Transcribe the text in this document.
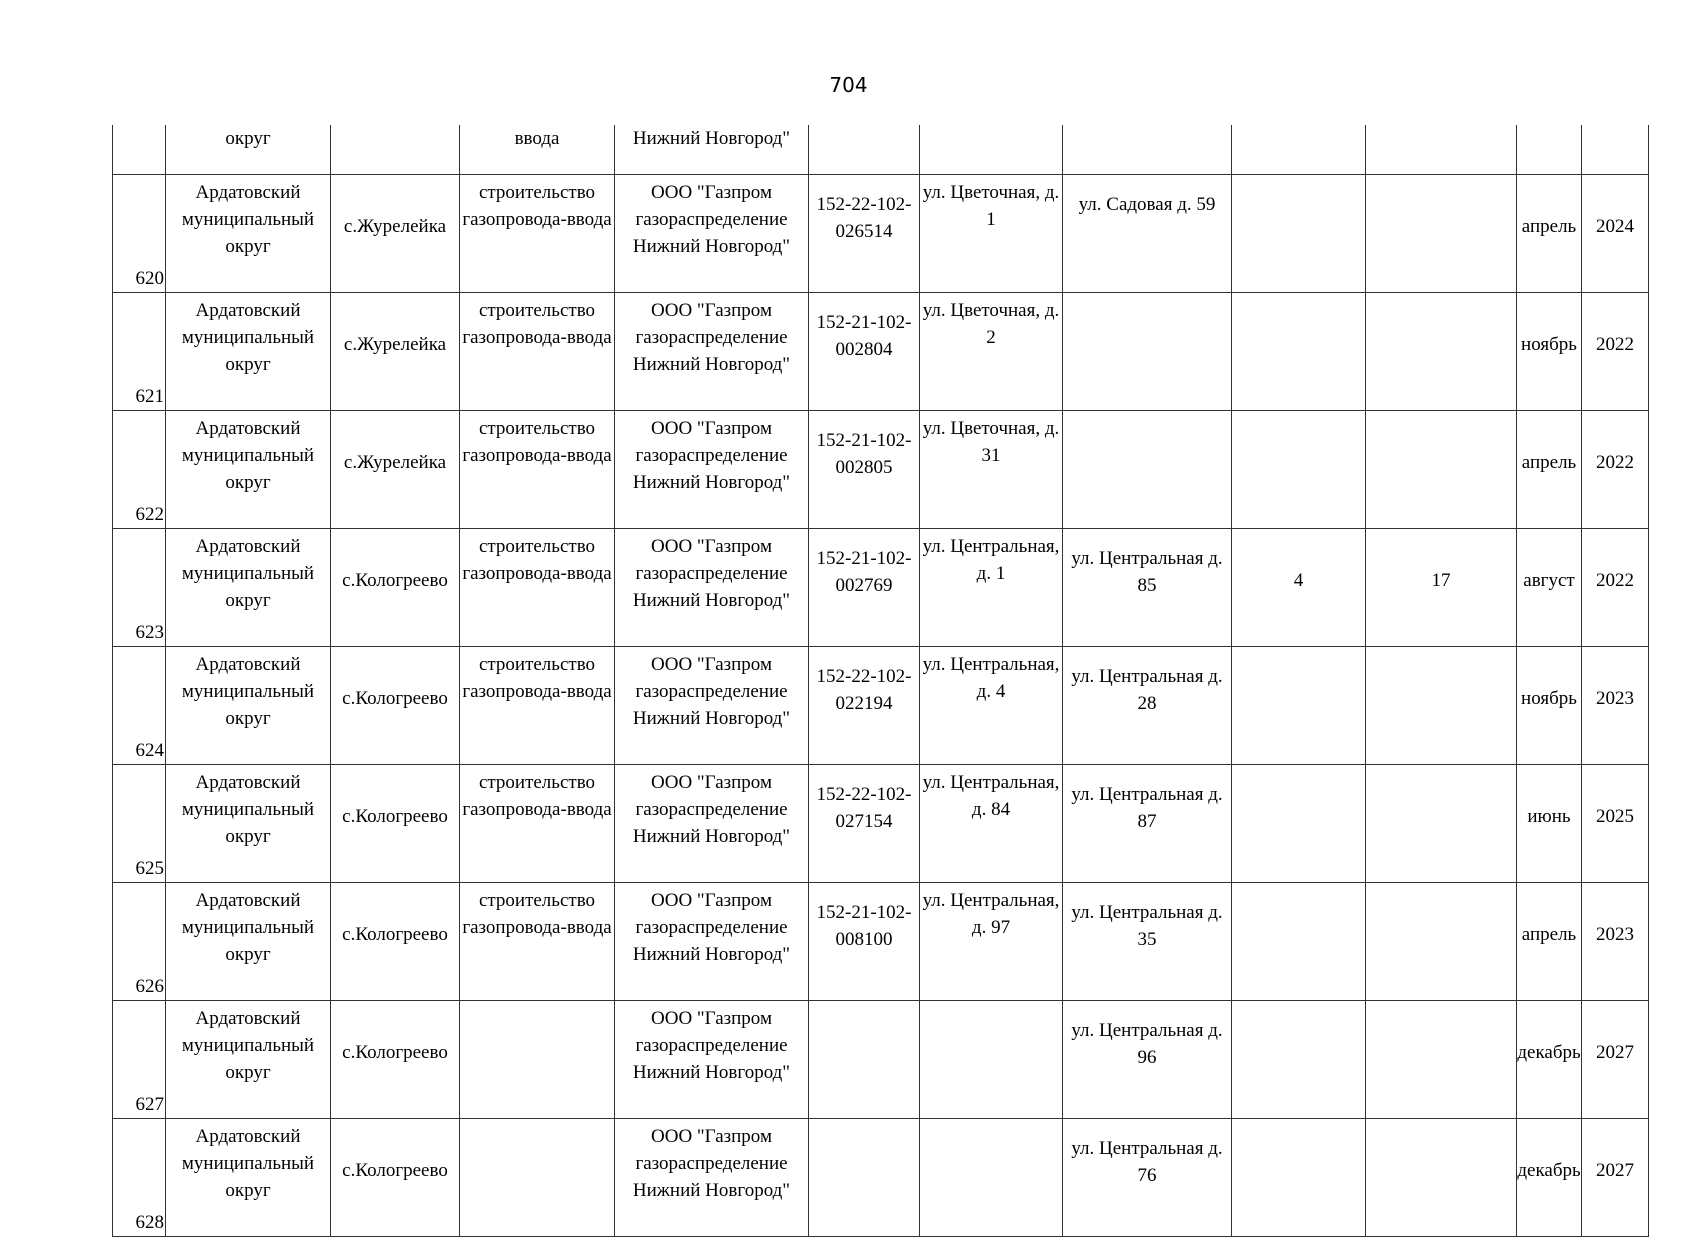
704
	округ		ввода	Нижний Новгород"							
620	Ардатовский муниципальный округ	с.Журелейка	строительство газопровода-ввода	ООО "Газпром газораспределение Нижний Новгород"	152-22-102-026514	ул. Цветочная, д. 1	ул. Садовая д. 59			апрель	2024
621	Ардатовский муниципальный округ	с.Журелейка	строительство газопровода-ввода	ООО "Газпром газораспределение Нижний Новгород"	152-21-102-002804	ул. Цветочная, д. 2				ноябрь	2022
622	Ардатовский муниципальный округ	с.Журелейка	строительство газопровода-ввода	ООО "Газпром газораспределение Нижний Новгород"	152-21-102-002805	ул. Цветочная, д. 31				апрель	2022
623	Ардатовский муниципальный округ	с.Кологреево	строительство газопровода-ввода	ООО "Газпром газораспределение Нижний Новгород"	152-21-102-002769	ул. Центральная, д. 1	ул. Центральная д. 85	4	17	август	2022
624	Ардатовский муниципальный округ	с.Кологреево	строительство газопровода-ввода	ООО "Газпром газораспределение Нижний Новгород"	152-22-102-022194	ул. Центральная, д. 4	ул. Центральная д. 28			ноябрь	2023
625	Ардатовский муниципальный округ	с.Кологреево	строительство газопровода-ввода	ООО "Газпром газораспределение Нижний Новгород"	152-22-102-027154	ул. Центральная, д. 84	ул. Центральная д. 87			июнь	2025
626	Ардатовский муниципальный округ	с.Кологреево	строительство газопровода-ввода	ООО "Газпром газораспределение Нижний Новгород"	152-21-102-008100	ул. Центральная, д. 97	ул. Центральная д. 35			апрель	2023
627	Ардатовский муниципальный округ	с.Кологреево		ООО "Газпром газораспределение Нижний Новгород"			ул. Центральная д. 96			декабрь	2027
628	Ардатовский муниципальный округ	с.Кологреево		ООО "Газпром газораспределение Нижний Новгород"			ул. Центральная д. 76			декабрь	2027
